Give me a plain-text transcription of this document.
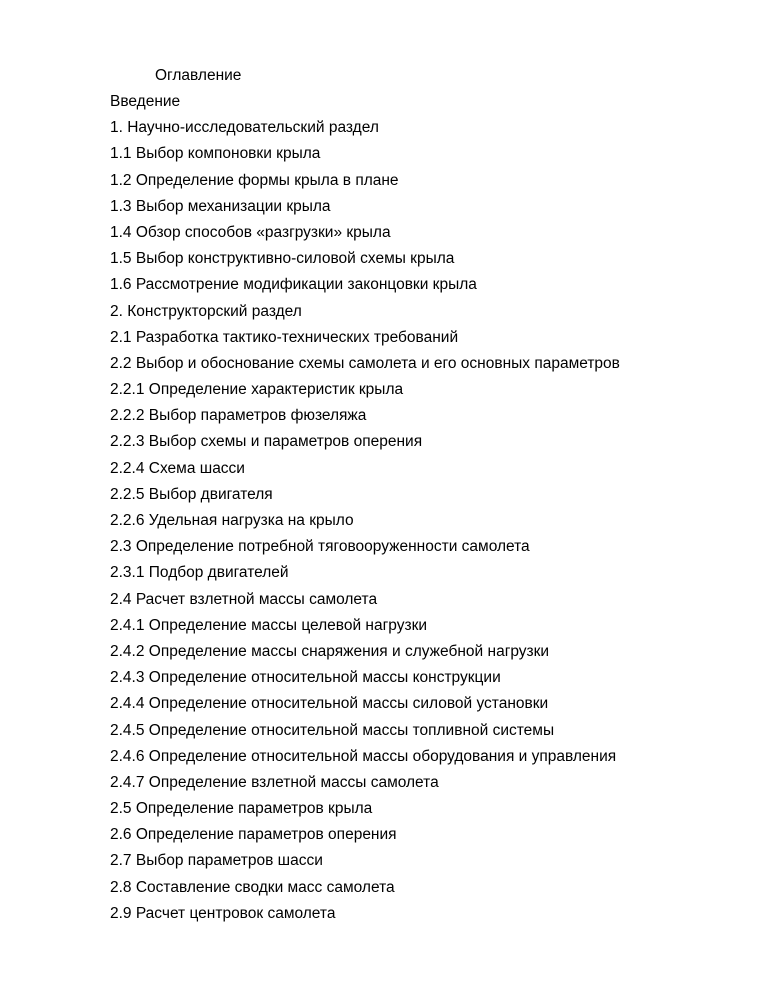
Оглавление
Введение
1. Научно-исследовательский раздел
1.1 Выбор компоновки крыла
1.2 Определение формы крыла в плане
1.3 Выбор механизации крыла
1.4 Обзор способов «разгрузки» крыла
1.5 Выбор конструктивно-силовой схемы крыла
1.6 Рассмотрение модификации законцовки крыла
2. Конструкторский раздел
2.1 Разработка тактико-технических требований
2.2 Выбор и обоснование схемы самолета и его основных параметров
2.2.1 Определение характеристик крыла
2.2.2 Выбор параметров фюзеляжа
2.2.3 Выбор схемы и параметров оперения
2.2.4 Схема шасси
2.2.5 Выбор двигателя
2.2.6 Удельная нагрузка на крыло
2.3 Определение потребной тяговооруженности самолета
2.3.1 Подбор двигателей
2.4 Расчет взлетной массы самолета
2.4.1 Определение массы целевой нагрузки
2.4.2 Определение массы снаряжения и служебной нагрузки
2.4.3 Определение относительной массы конструкции
2.4.4 Определение относительной массы силовой установки
2.4.5 Определение относительной массы топливной системы
2.4.6 Определение относительной массы оборудования и управления
2.4.7 Определение взлетной массы самолета
2.5 Определение параметров крыла
2.6 Определение параметров оперения
2.7 Выбор параметров шасси
2.8 Составление сводки масс самолета
2.9 Расчет центровок самолета
